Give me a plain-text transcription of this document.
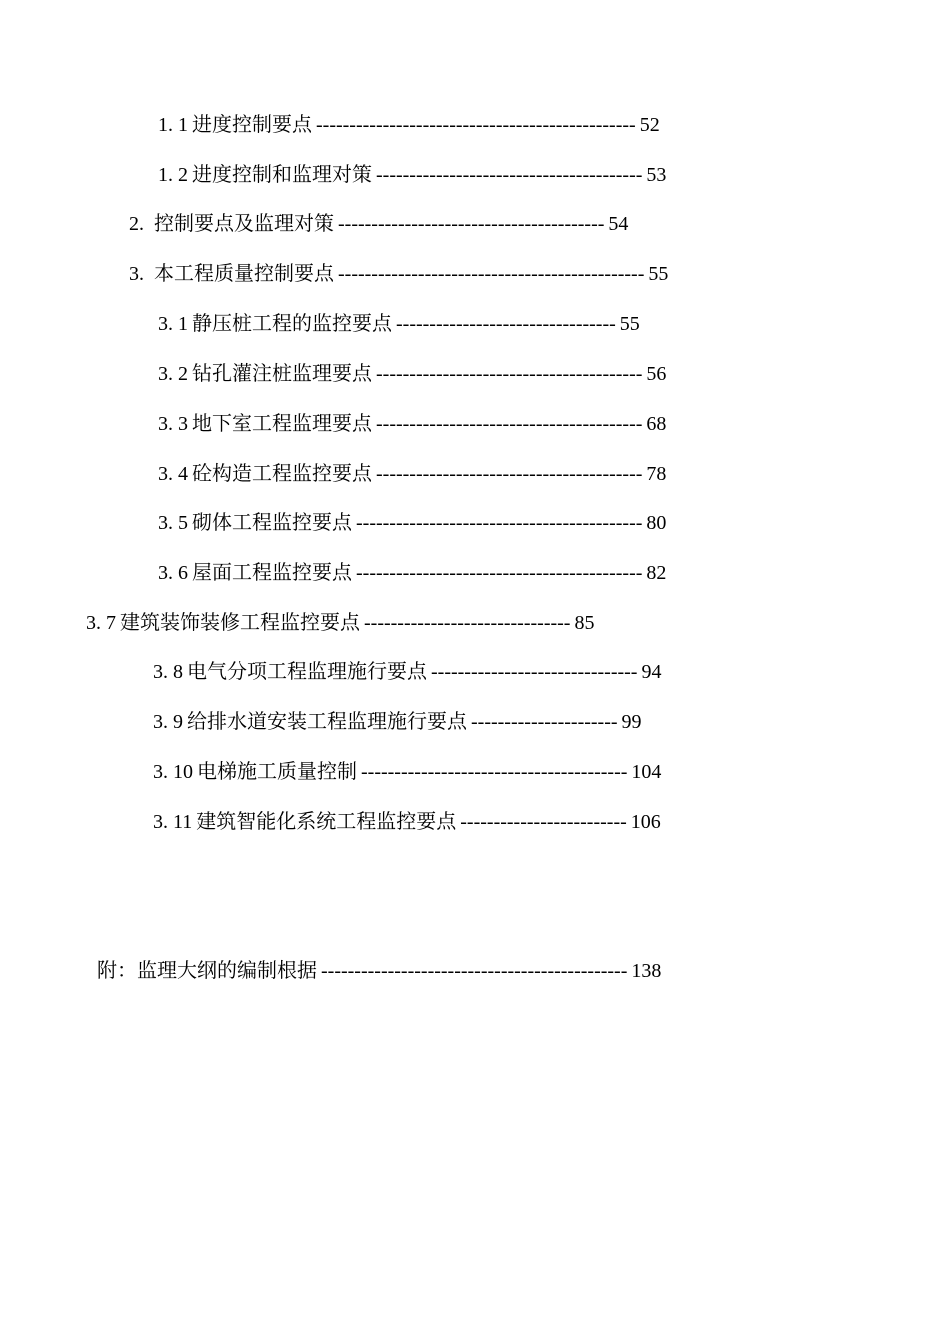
1. 1 进度控制要点 ------------------------------------------------ 52
1. 2 进度控制和监理对策 ---------------------------------------- 53
2. 控制要点及监理对策 ---------------------------------------- 54
3. 本工程质量控制要点 ---------------------------------------------- 55
3. 1 静压桩工程的监控要点 --------------------------------- 55
3. 2 钻孔灌注桩监理要点 ---------------------------------------- 56
3. 3 地下室工程监理要点 ---------------------------------------- 68
3. 4 砼构造工程监控要点 ---------------------------------------- 78
3. 5 砌体工程监控要点 ------------------------------------------- 80
3. 6 屋面工程监控要点 ------------------------------------------- 82
3. 7 建筑装饰装修工程监控要点 ------------------------------- 85
3. 8 电气分项工程监理施行要点 ------------------------------- 94
3. 9 给排水道安装工程监理施行要点 ---------------------- 99
3. 10 电梯施工质量控制 ---------------------------------------- 104
3. 11 建筑智能化系统工程监控要点 ------------------------- 106
附：监理大纲的编制根据 ---------------------------------------------- 138
